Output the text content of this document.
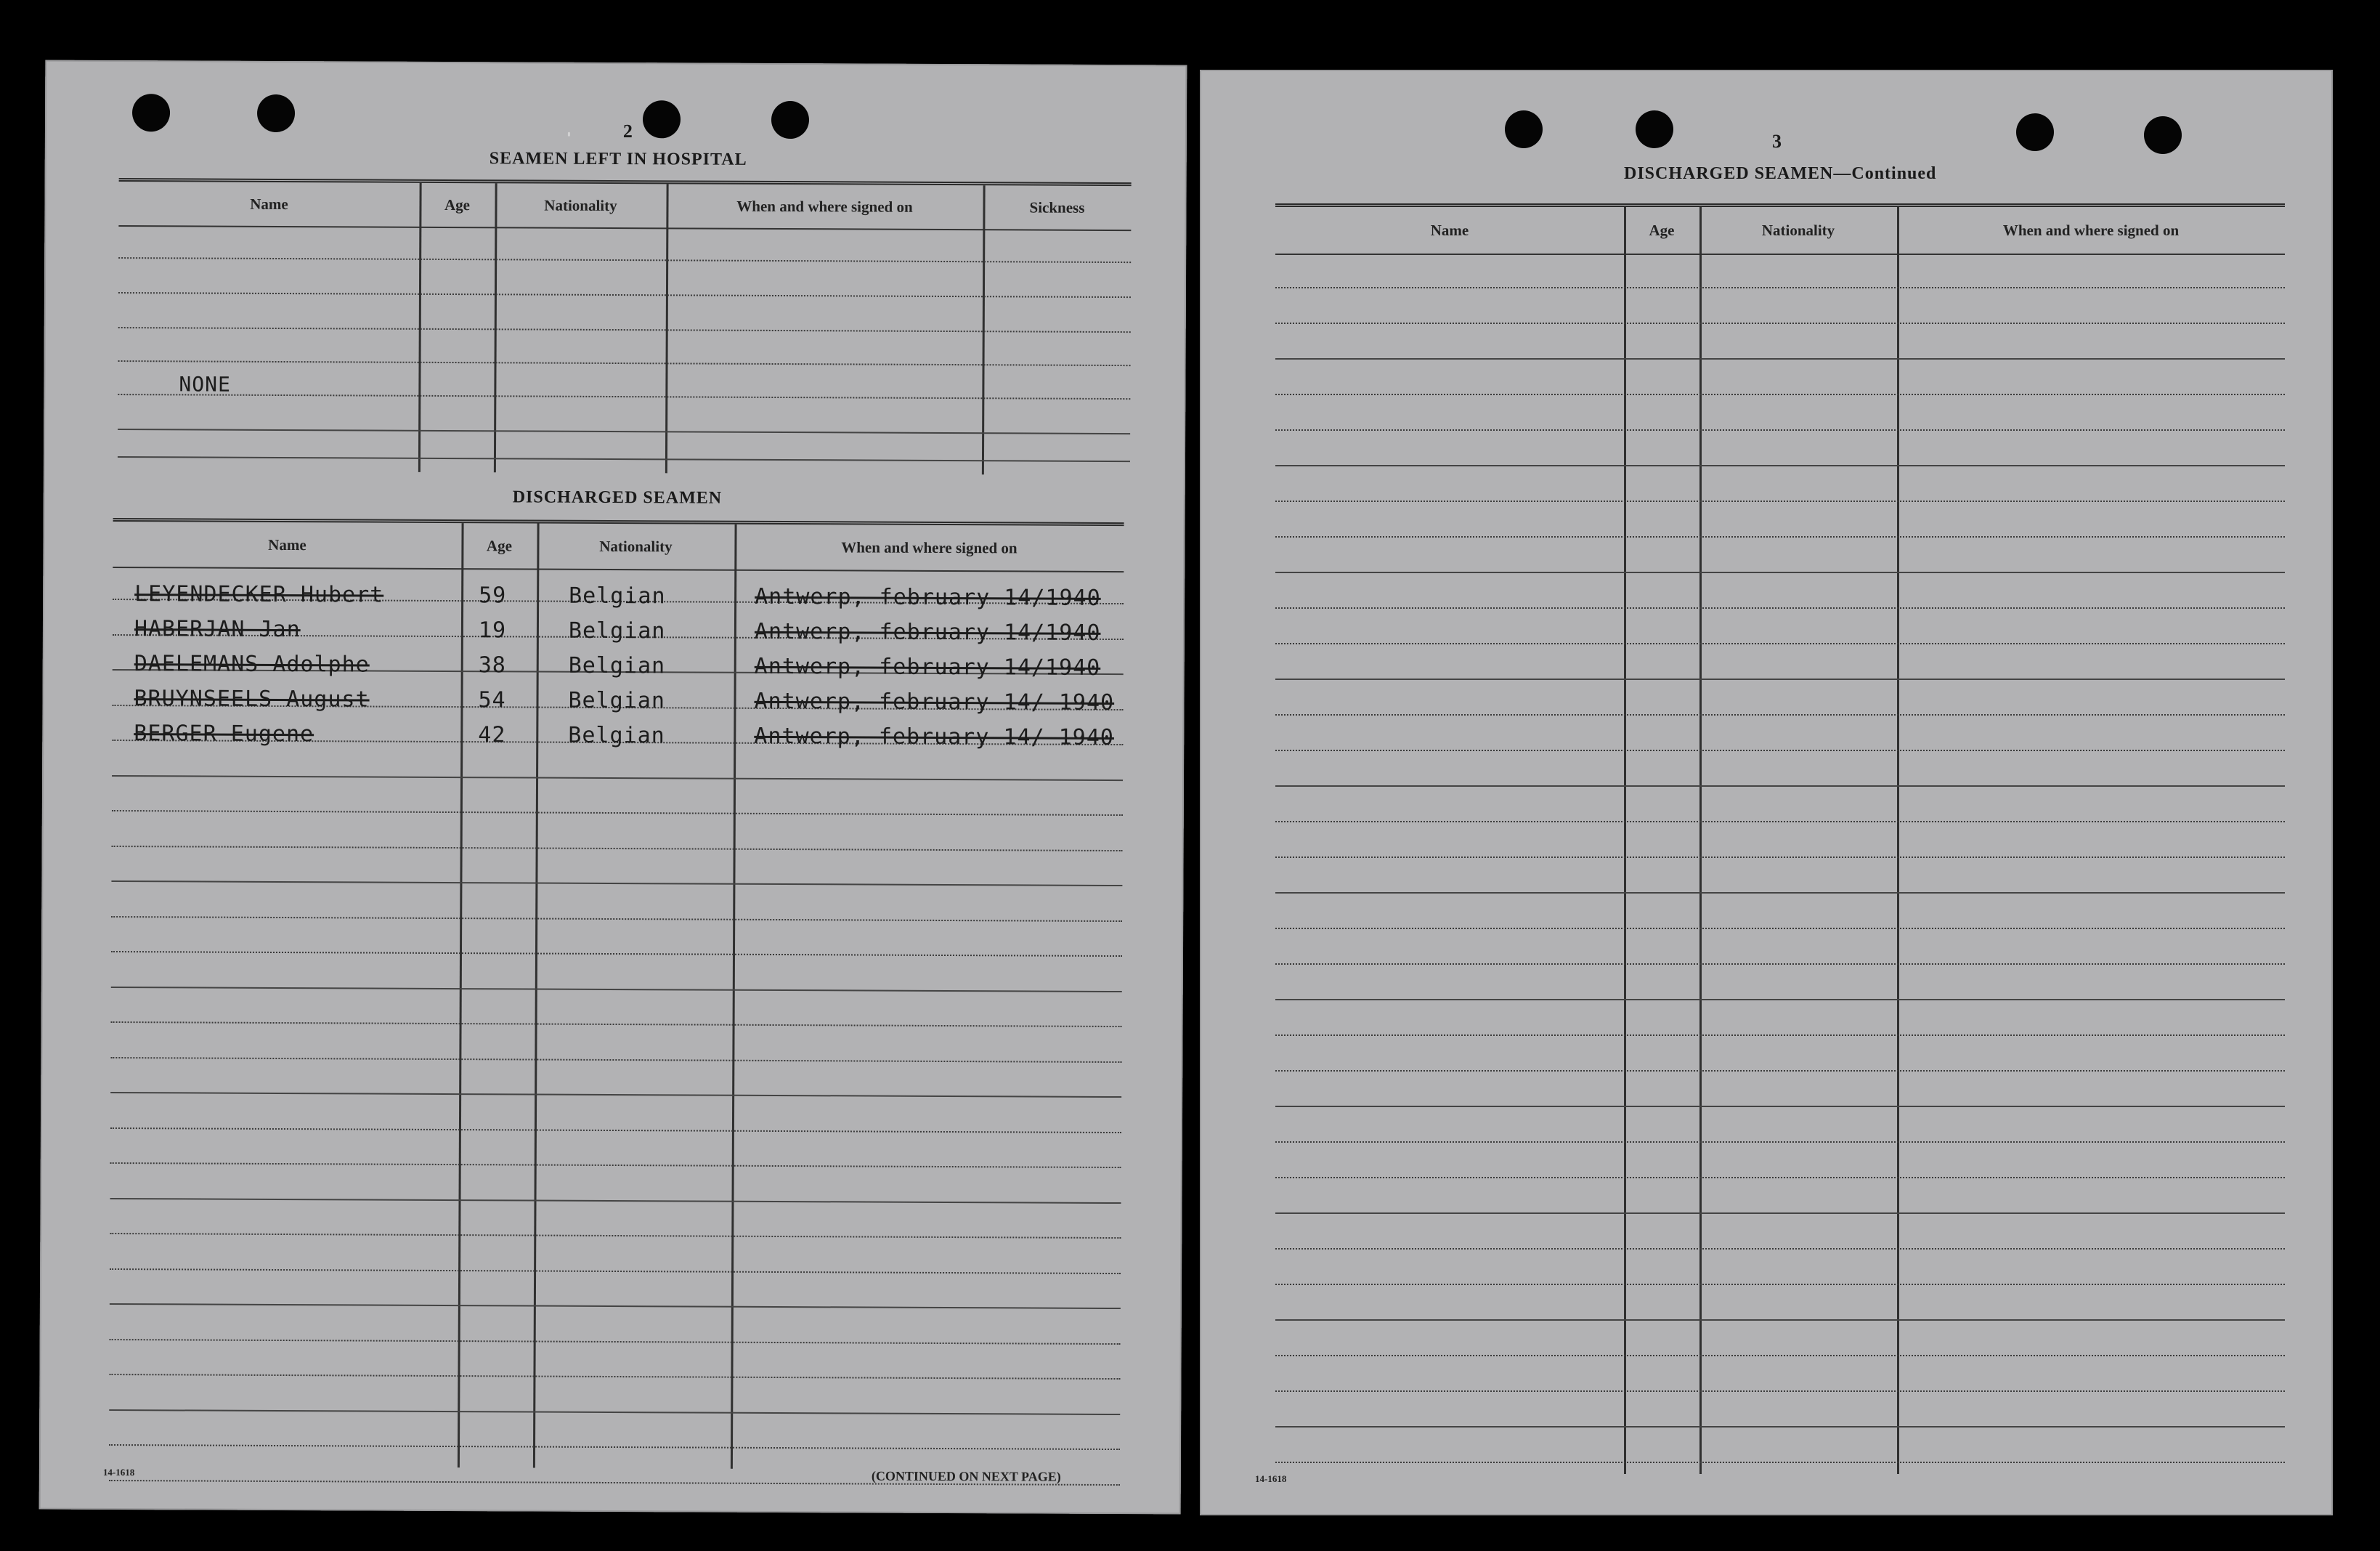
2
SEAMEN LEFT IN HOSPITAL
Name	Age	Nationality	When and where signed on	Sickness
NONE
DISCHARGED SEAMEN
Name	Age	Nationality	When and where signed on
LEYENDECKER Hubert	59	Belgian	Antwerp, february 14/1940
HABERJAN Jan	19	Belgian	Antwerp, february 14/1940
DAELEMANS Adolphe	38	Belgian	Antwerp, february 14/1940
BRUYNSEELS August	54	Belgian	Antwerp, february 14/ 1940
BERGER Eugene	42	Belgian	Antwerp, february 14/ 1940
14-1618	(CONTINUED ON NEXT PAGE)
3
DISCHARGED SEAMEN—Continued
Name	Age	Nationality	When and where signed on
14-1618
